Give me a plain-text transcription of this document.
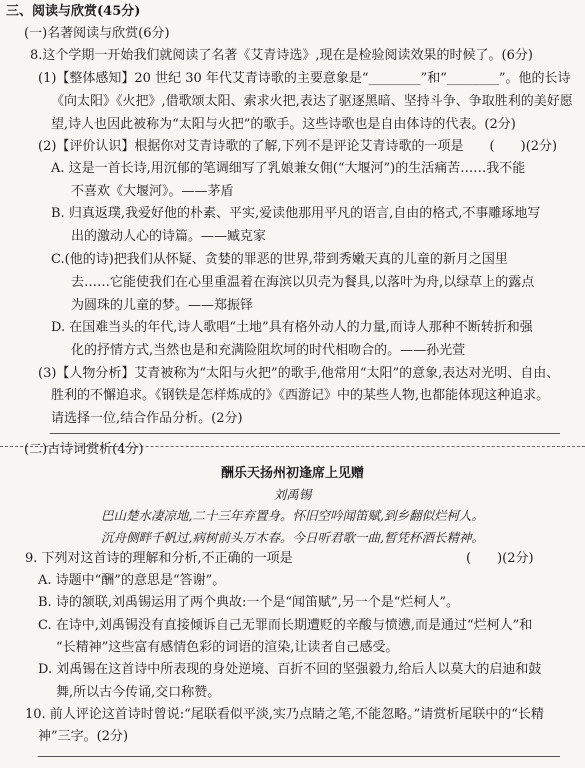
三、阅读与欣赏(45分)
(一)名著阅读与欣赏(6分)
8.这个学期一开始我们就阅读了名著《艾青诗选》,现在是检验阅读效果的时候了。(6分)
(1)【整体感知】20 世纪 30 年代艾青诗歌的主要意象是“________”和“________”。他的长诗
《向太阳》《火把》,借歌颂太阳、索求火把,表达了驱逐黑暗、坚持斗争、争取胜利的美好愿
望,诗人也因此被称为“太阳与火把”的歌手。这些诗歌也是自由体诗的代表。(2分)
(2)【评价认识】根据你对艾青诗歌的了解,下列不是评论艾青诗歌的一项是　　(　　)(2分)
A. 这是一首长诗,用沉郁的笔调细写了乳娘兼女佣(“大堰河”)的生活痛苦……我不能
不喜欢《大堰河》。——茅盾
B. 归真返璞,我爱好他的朴素、平实,爱读他那用平凡的语言,自由的格式,不事雕琢地写
出的激动人心的诗篇。——臧克家
C.(他的诗)把我们从怀疑、贪婪的罪恶的世界,带到秀嫩天真的儿童的新月之国里
去……它能使我们在心里重温着在海滨以贝壳为餐具,以落叶为舟,以绿草上的露点
为圆珠的儿童的梦。——郑振铎
D. 在国难当头的年代,诗人歌唱“土地”具有格外动人的力量,而诗人那种不断转折和强
化的抒情方式,当然也是和充满险阻坎坷的时代相吻合的。——孙光萱
(3)【人物分析】艾青被称为“太阳与火把”的歌手,他常用“太阳”的意象,表达对光明、自由、
胜利的不懈追求。《钢铁是怎样炼成的》《西游记》中的某些人物,也都能体现这种追求。
请选择一位,结合作品分析。(2分)
(二)古诗词赏析(4分)
酬乐天扬州初逢席上见赠
刘禹锡
巴山楚水凄凉地,二十三年弃置身。怀旧空吟闻笛赋,到乡翻似烂柯人。
沉舟侧畔千帆过,病树前头万木春。今日听君歌一曲,暂凭杯酒长精神。
9. 下列对这首诗的理解和分析,不正确的一项是	(　　)(2分)
A. 诗题中“酬”的意思是“答谢”。
B. 诗的颔联,刘禹锡运用了两个典故:一个是“闻笛赋”,另一个是“烂柯人”。
C. 在诗中,刘禹锡没有直接倾诉自己无罪而长期遭贬的辛酸与愤懑,而是通过“烂柯人”和
“长精神”这些富有感情色彩的词语的渲染,让读者自己感受。
D. 刘禹锡在这首诗中所表现的身处逆境、百折不回的坚强毅力,给后人以莫大的启迪和鼓
舞,所以古今传诵,交口称赞。
10. 前人评论这首诗时曾说:“尾联看似平淡,实乃点睛之笔,不能忽略。”请赏析尾联中的“长精
神”三字。(2分)
